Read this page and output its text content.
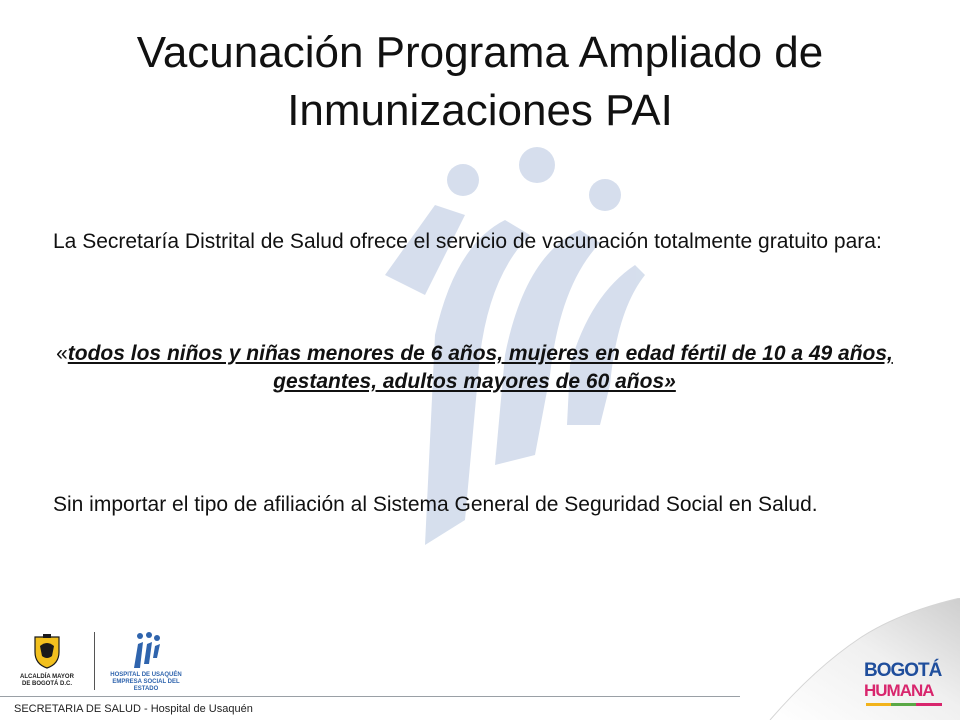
Vacunación Programa Ampliado de Inmunizaciones PAI
La Secretaría Distrital de Salud ofrece el servicio de vacunación totalmente gratuito para:
«todos los niños y niñas menores de 6 años, mujeres en edad fértil de 10 a 49 años, gestantes, adultos mayores de 60 años»
Sin importar el tipo de afiliación al Sistema General de Seguridad Social en Salud.
ALCALDÍA MAYOR
DE BOGOTÁ D.C.
HOSPITAL DE USAQUÉN
EMPRESA SOCIAL DEL ESTADO
SECRETARIA DE SALUD - Hospital de Usaquén
BOGOTÁ
HUMANA
